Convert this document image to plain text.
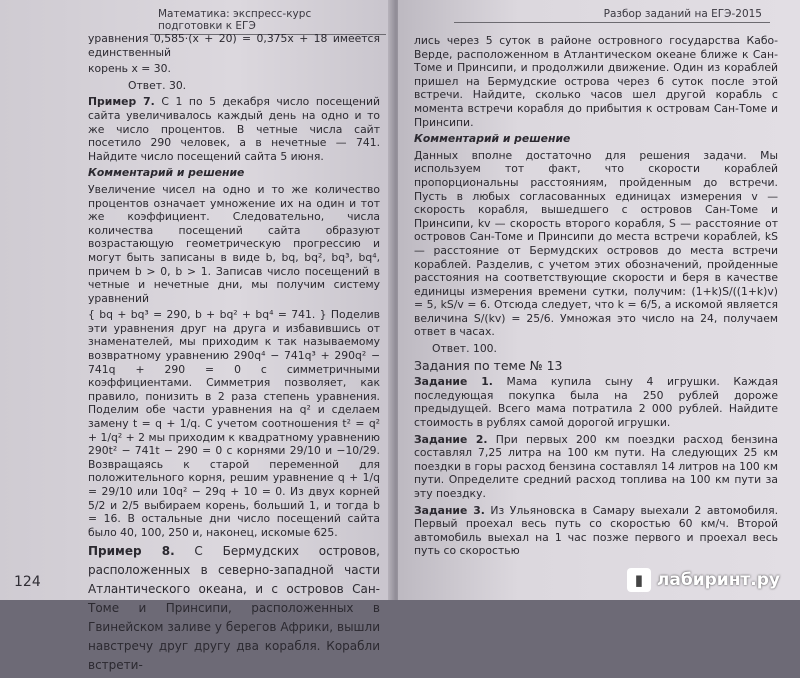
Математика: экспресс-курс подготовки к ЕГЭ

уравнения 0,585·(x + 20) = 0,375x + 18 имеется единственный

корень x = 30.

Ответ. 30.

Пример 7. С 1 по 5 декабря число посещений сайта увеличивалось каждый день на одно и то же число процентов. В четные числа сайт посетило 290 человек, а в нечетные — 741. Найдите число посещений сайта 5 июня.

Комментарий и решение

Увеличение чисел на одно и то же количество процентов означает умножение их на один и тот же коэффициент. Следовательно, числа количества посещений сайта образуют возрастающую геометрическую прогрессию и могут быть записаны в виде b, bq, bq², bq³, bq⁴, причем b > 0, b > 1. Записав число посещений в четные и нечетные дни, мы получим систему уравнений

{ bq + bq³ = 290, b + bq² + bq⁴ = 741. } Поделив эти уравнения друг на друга и избавившись от знаменателей, мы приходим к так называемому возвратному уравнению 290q⁴ − 741q³ + 290q² − 741q + 290 = 0 с симметричными коэффициентами. Симметрия позволяет, как правило, понизить в 2 раза степень уравнения. Поделим обе части уравнения на q² и сделаем замену t = q + 1/q. С учетом соотношения t² = q² + 1/q² + 2 мы приходим к квадратному уравнению 290t² − 741t − 290 = 0 с корнями 29/10 и −10/29. Возвращаясь к старой переменной для положительного корня, решим уравнение q + 1/q = 29/10 или 10q² − 29q + 10 = 0. Из двух корней 5/2 и 2/5 выбираем корень, больший 1, и тогда b = 16. В остальные дни число посещений сайта было 40, 100, 250 и, наконец, искомые 625.

Пример 8. С Бермудских островов, расположенных в северно-западной части Атлантического океана, и с островов Сан-Томе и Принсипи, расположенных в Гвинейском заливе у берегов Африки, вышли навстречу друг другу два корабля. Корабли встрети-

124
Разбор заданий на ЕГЭ-2015

лись через 5 суток в районе островного государства Кабо-Верде, расположенном в Атлантическом океане ближе к Сан-Томе и Принсипи, и продолжили движение. Один из кораблей пришел на Бермудские острова через 6 суток после этой встречи. Найдите, сколько часов шел другой корабль с момента встречи корабля до прибытия к островам Сан-Томе и Принсипи.

Комментарий и решение

Данных вполне достаточно для решения задачи. Мы используем тот факт, что скорости кораблей пропорциональны расстояниям, пройденным до встречи. Пусть в любых согласованных единицах измерения v — скорость корабля, вышедшего с островов Сан-Томе и Принсипи, kv — скорость второго корабля, S — расстояние от островов Сан-Томе и Принсипи до места встречи кораблей, kS — расстояние от Бермудских островов до места встречи кораблей. Разделив, с учетом этих обозначений, пройденные расстояния на соответствующие скорости и беря в качестве единицы измерения времени сутки, получим: (1+k)S/((1+k)v) = 5, kS/v = 6. Отсюда следует, что k = 6/5, а искомой является величина S/(kv) = 25/6. Умножая это число на 24, получаем ответ в часах.

Ответ. 100.

Задания по теме № 13

Задание 1. Мама купила сыну 4 игрушки. Каждая последующая покупка была на 250 рублей дороже предыдущей. Всего мама потратила 2 000 рублей. Найдите стоимость в рублях самой дорогой игрушки.

Задание 2. При первых 200 км поездки расход бензина составлял 7,25 литра на 100 км пути. На следующих 25 км поездки в горы расход бензина составлял 14 литров на 100 км пути. Определите средний расход топлива на 100 км пути за эту поездку.

Задание 3. Из Ульяновска в Самару выехали 2 автомобиля. Первый проехал весь путь со скоростью 60 км/ч. Второй автомобиль выехал на 1 час позже первого и проехал весь путь со скоростью

▮ лабиринт.ру
